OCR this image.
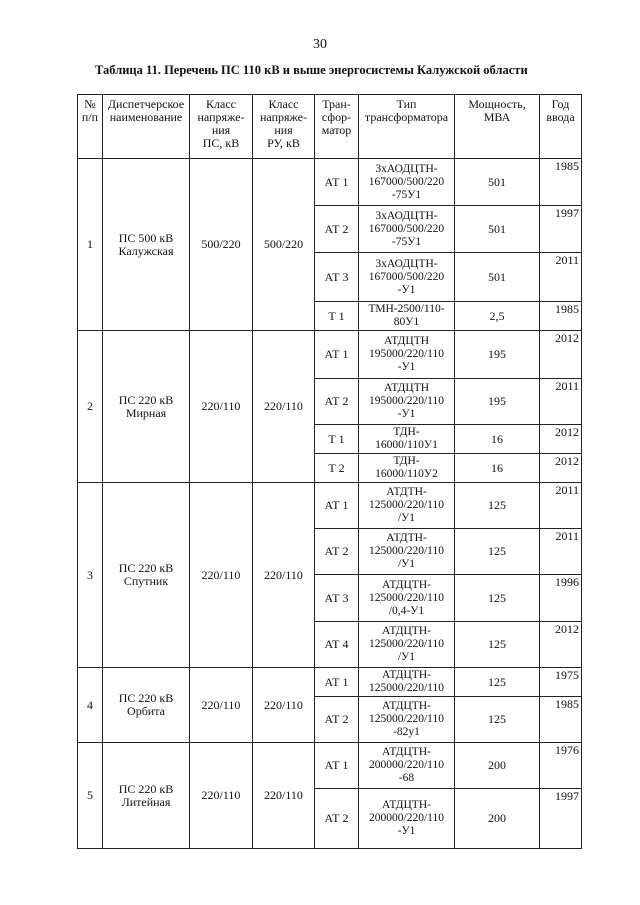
30
Таблица 11. Перечень ПС 110 кВ и выше энергосистемы Калужской области
№
п/п	Диспетчерское
наименование	Класс
напряже-
ния
ПС, кВ	Класс
напряже-
ния
РУ, кВ	Тран-
сфор-
матор	Тип
трансформатора	Мощность,
МВА	Год
ввода

1	ПС 500 кВ
Калужская	500/220	500/220	АТ 1	3хАОДЦТН-
167000/500/220
-75У1	501	1985
				АТ 2	3хАОДЦТН-
167000/500/220
-75У1	501	1997
				АТ 3	3хАОДЦТН-
167000/500/220
-У1	501	2011
				Т 1	ТМН-2500/110-
80У1	2,5	1985
2	ПС 220 кВ
Мирная	220/110	220/110	АТ 1	АТДЦТН
195000/220/110
-У1	195	2012
				АТ 2	АТДЦТН
195000/220/110
-У1	195	2011
				Т 1	ТДН-
16000/110У1	16	2012
				Т 2	ТДН-
16000/110У2	16	2012
3	ПС 220 кВ
Спутник	220/110	220/110	АТ 1	АТДТН-
125000/220/110
/У1	125	2011
				АТ 2	АТДТН-
125000/220/110
/У1	125	2011
				АТ 3	АТДЦТН-
125000/220/110
/0,4-У1	125	1996
				АТ 4	АТДЦТН-
125000/220/110
/У1	125	2012
4	ПС 220 кВ
Орбита	220/110	220/110	АТ 1	АТДЦТН-
125000/220/110	125	1975
				АТ 2	АТДЦТН-
125000/220/110
-82у1	125	1985
5	ПС 220 кВ
Литейная	220/110	220/110	АТ 1	АТДЦТН-
200000/220/110
-68	200	1976
				АТ 2	АТДЦТН-
200000/220/110
-У1	200	1997
